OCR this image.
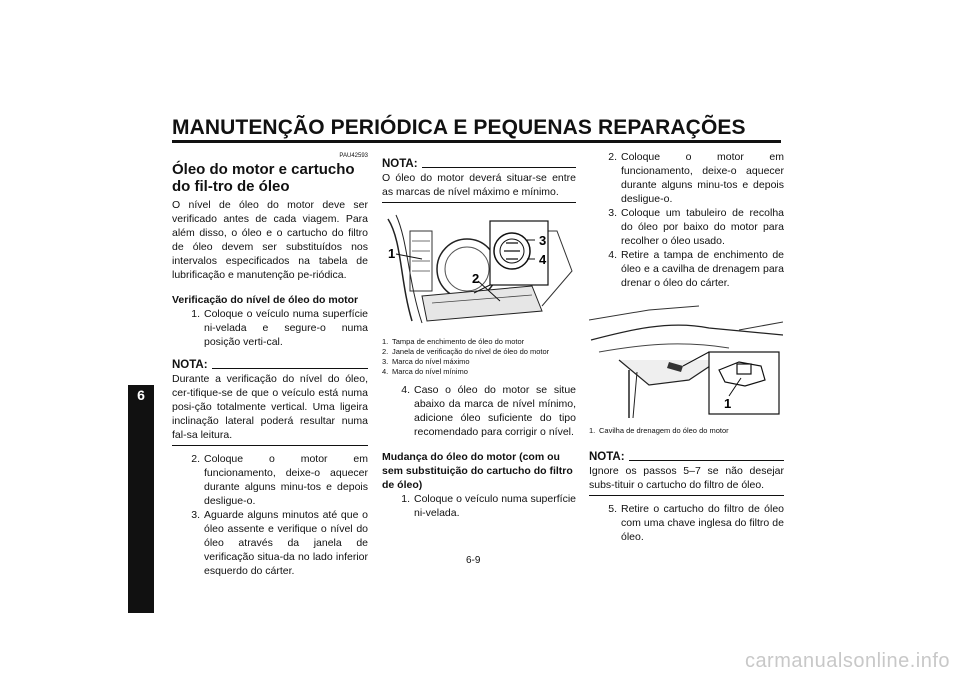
MANUTENÇÃO PERIÓDICA E PEQUENAS REPARAÇÕES
6
PAU42593
Óleo do motor e cartucho do fil-tro de óleo

O nível de óleo do motor deve ser verificado antes de cada viagem. Para além disso, o óleo e o cartucho do filtro de óleo devem ser substituídos nos intervalos especificados na tabela de lubrificação e manutenção pe-riódica.

Verificação do nível de óleo do motor
1. Coloque o veículo numa superfície ni-velada e segure-o numa posição verti-cal.
NOTA:

Durante a verificação do nível do óleo, cer-tifique-se de que o veículo está numa posi-ção totalmente vertical. Uma ligeira inclinação lateral poderá resultar numa fal-sa leitura.

2. Coloque o motor em funcionamento, deixe-o aquecer durante alguns minu-tos e depois desligue-o.
3. Aguarde alguns minutos até que o óleo assente e verifique o nível do óleo através da janela de verificação situa-da no lado inferior esquerdo do cárter.
NOTA:

O óleo do motor deverá situar-se entre as marcas de nível máximo e mínimo.

1
2
3
4
1. Tampa de enchimento de óleo do motor
2. Janela de verificação do nível de óleo do motor
3. Marca do nível máximo
4. Marca do nível mínimo
4. Caso o óleo do motor se situe abaixo da marca de nível mínimo, adicione óleo suficiente do tipo recomendado para corrigir o nível.
Mudança do óleo do motor (com ou sem substituição do cartucho do filtro de óleo)
1. Coloque o veículo numa superfície ni-velada.
2. Coloque o motor em funcionamento, deixe-o aquecer durante alguns minu-tos e depois desligue-o.
3. Coloque um tabuleiro de recolha do óleo por baixo do motor para recolher o óleo usado.
4. Retire a tampa de enchimento de óleo e a cavilha de drenagem para drenar o óleo do cárter.
1
1. Cavilha de drenagem do óleo do motor
NOTA:

Ignore os passos 5–7 se não desejar subs-tituir o cartucho do filtro de óleo.

5. Retire o cartucho do filtro de óleo com uma chave inglesa do filtro de óleo.
6-9
carmanualsonline.info
